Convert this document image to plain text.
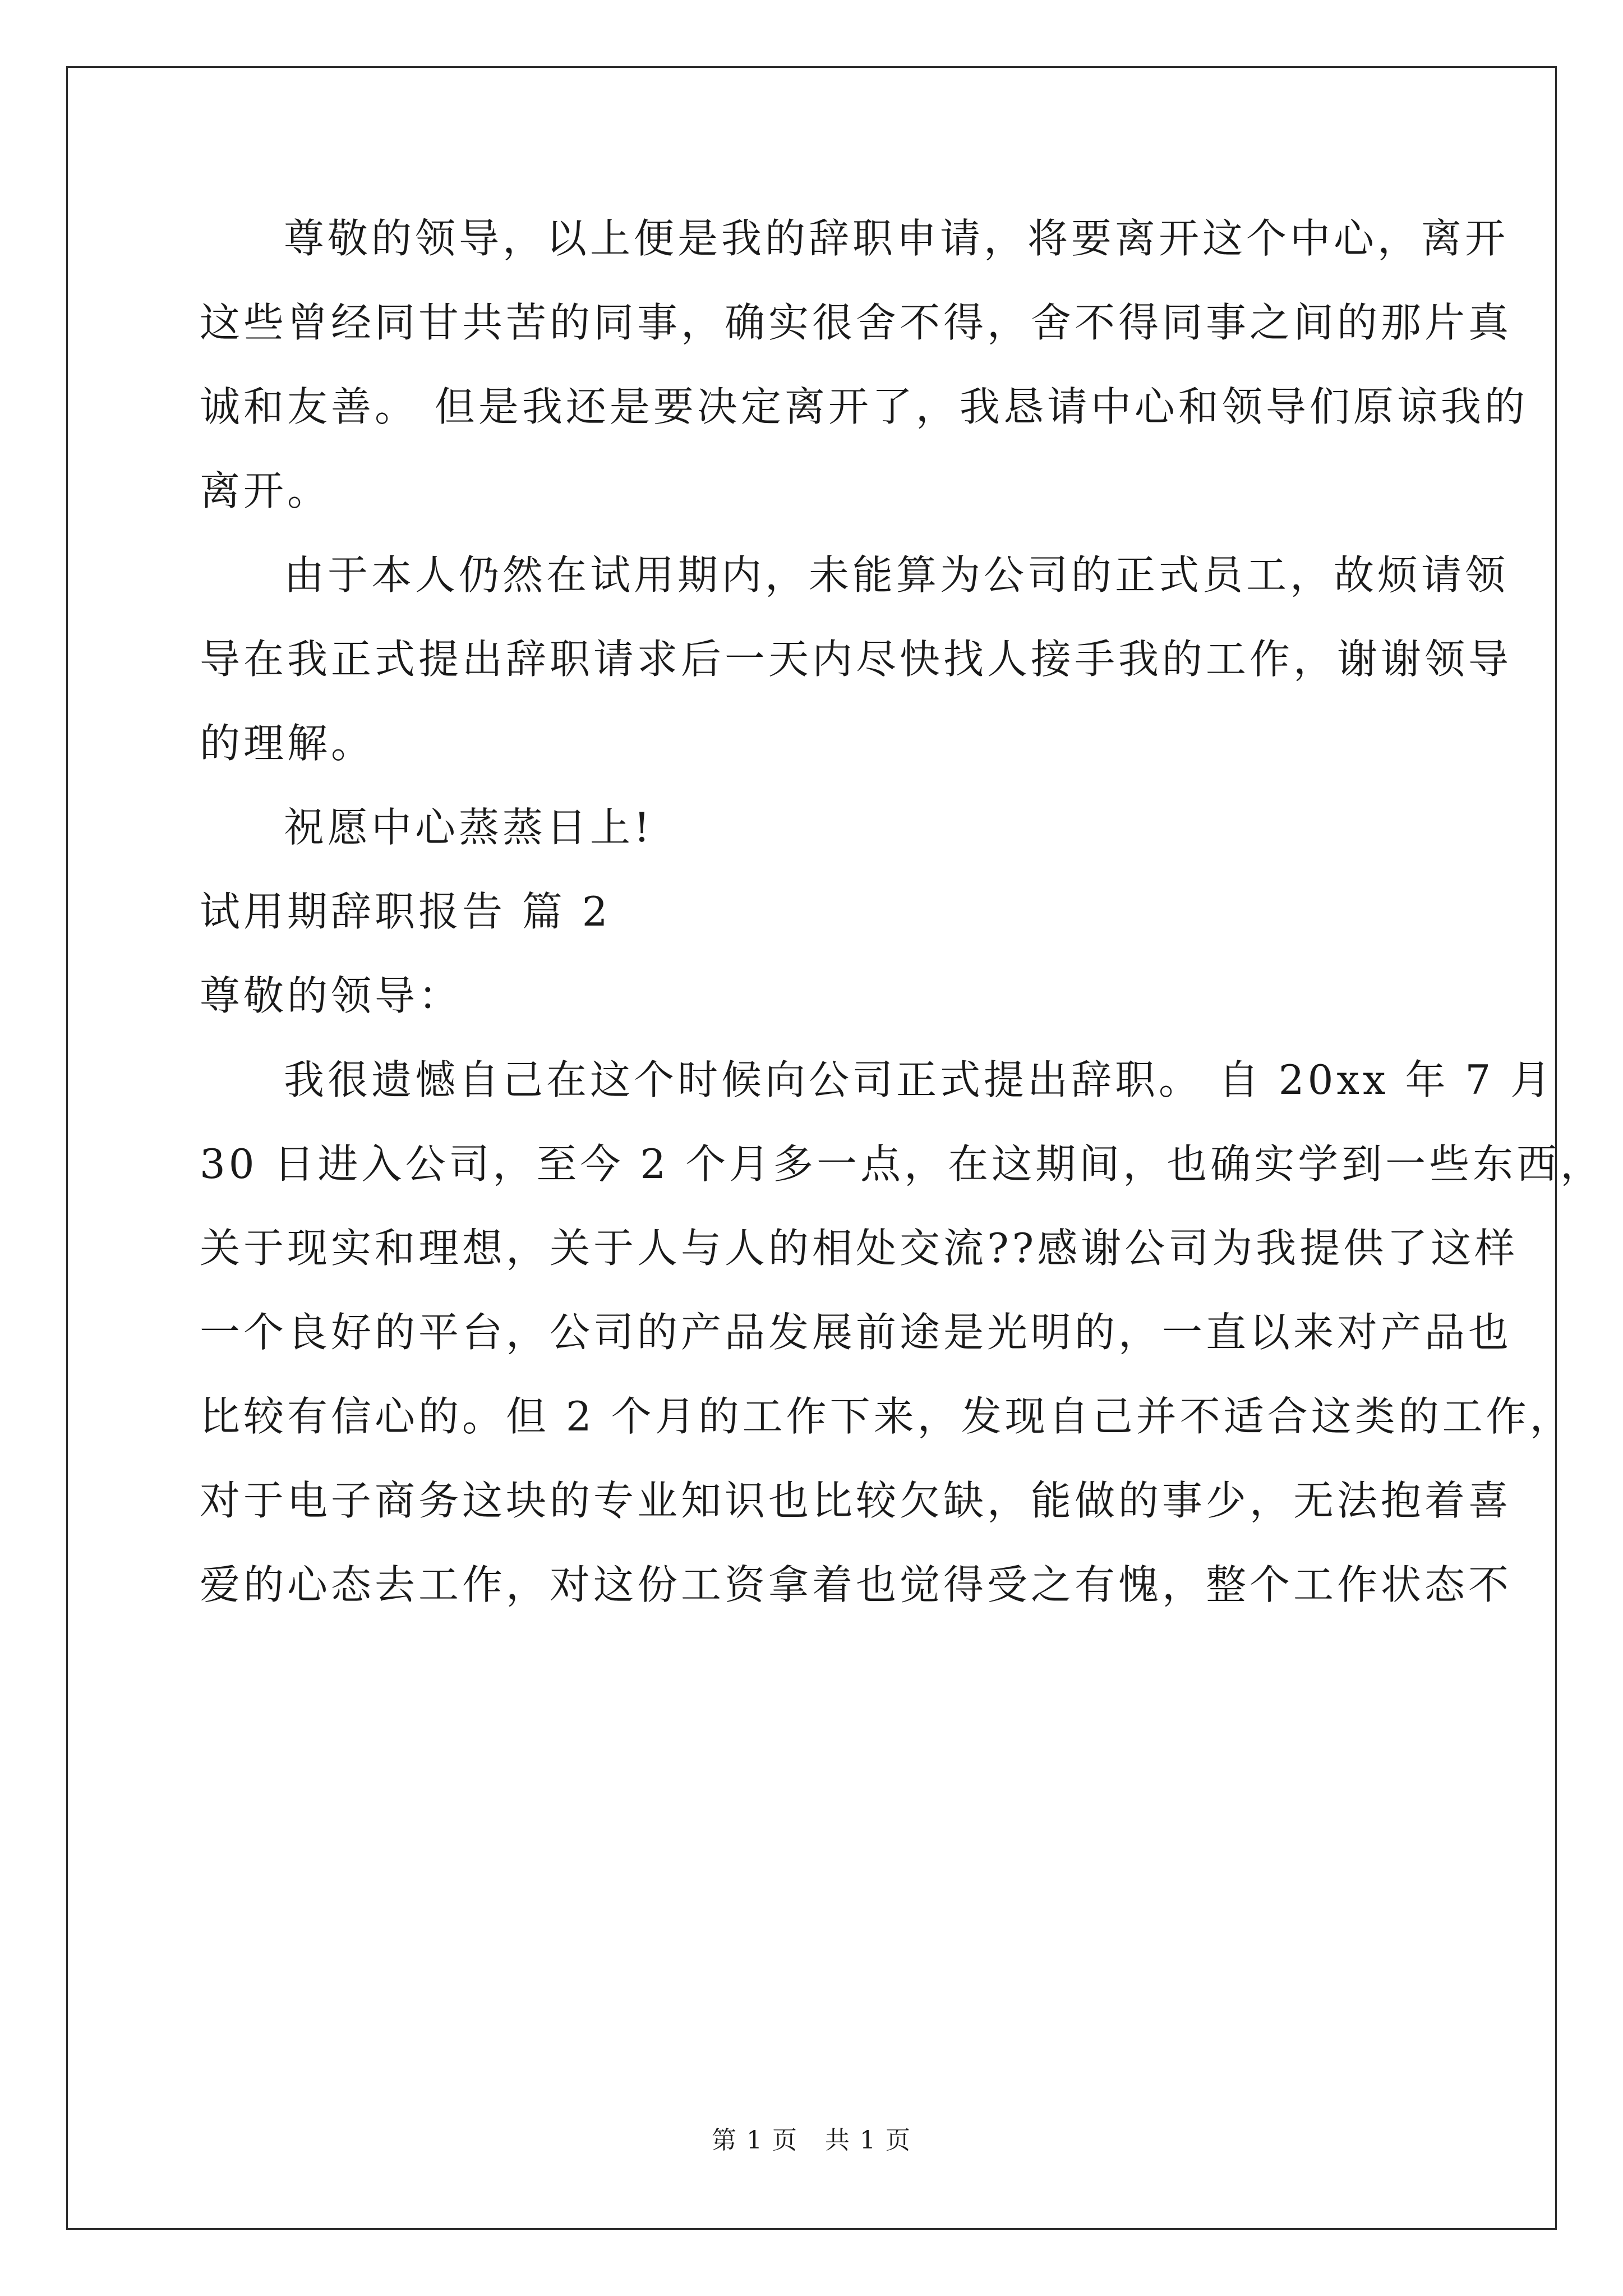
尊敬的领导，以上便是我的辞职申请，将要离开这个中心，离开
这些曾经同甘共苦的同事，确实很舍不得，舍不得同事之间的那片真
诚和友善。 但是我还是要决定离开了，我恳请中心和领导们原谅我的
离开。
由于本人仍然在试用期内，未能算为公司的正式员工，故烦请领
导在我正式提出辞职请求后一天内尽快找人接手我的工作，谢谢领导
的理解。
祝愿中心蒸蒸日上!
试用期辞职报告 篇 2
尊敬的领导：
我很遗憾自己在这个时候向公司正式提出辞职。 自 20xx 年 7 月
30 日进入公司，至今 2 个月多一点，在这期间，也确实学到一些东西，
关于现实和理想，关于人与人的相处交流??感谢公司为我提供了这样
一个良好的平台，公司的产品发展前途是光明的，一直以来对产品也
比较有信心的。但 2 个月的工作下来，发现自己并不适合这类的工作，
对于电子商务这块的专业知识也比较欠缺，能做的事少，无法抱着喜
爱的心态去工作，对这份工资拿着也觉得受之有愧，整个工作状态不
第 1 页   共 1 页
